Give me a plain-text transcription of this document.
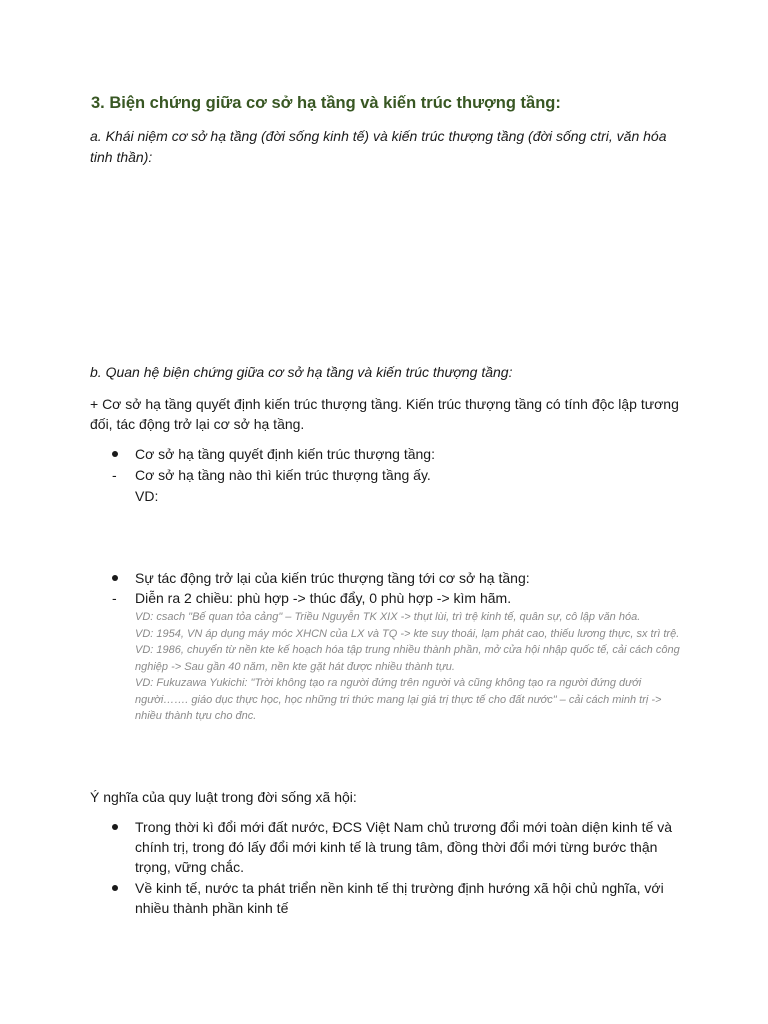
3. Biện chứng giữa cơ sở hạ tầng và kiến trúc thượng tầng:
a. Khái niệm cơ sở hạ tầng (đời sống kinh tế) và kiến trúc thượng tầng (đời sống ctri, văn hóa tinh thần):
b. Quan hệ biện chứng giữa cơ sở hạ tầng và kiến trúc thượng tầng:
+ Cơ sở hạ tầng quyết định kiến trúc thượng tầng. Kiến trúc thượng tầng có tính độc lập tương đối, tác động trở lại cơ sở hạ tầng.
Cơ sở hạ tầng quyết định kiến trúc thượng tầng:
- Cơ sở hạ tầng nào thì kiến trúc thượng tầng ấy.
VD:
Sự tác động trở lại của kiến trúc thượng tầng tới cơ sở hạ tầng:
- Diễn ra 2 chiều: phù hợp -> thúc đẩy, 0 phù hợp -> kìm hãm.

VD: csach "Bế quan tỏa cảng" – Triều Nguyễn TK XIX -> thụt lùi, trì trệ kinh tế, quân sự, cô lập văn hóa.

VD: 1954, VN áp dụng máy móc XHCN của LX và TQ -> kte suy thoái, lạm phát cao, thiếu lương thực, sx trì trệ.

VD: 1986, chuyển từ nền kte kế hoạch hóa tập trung nhiều thành phần, mở cửa hội nhập quốc tế, cải cách công nghiệp -> Sau gần 40 năm, nền kte gặt hát được nhiều thành tựu.

VD: Fukuzawa Yukichi: "Trời không tạo ra người đứng trên người và cũng không tạo ra người đứng dưới người……. giáo dục thực học, học những tri thức mang lại giá trị thực tế cho đất nước" – cải cách minh trị -> nhiều thành tựu cho đnc.

Ý nghĩa của quy luật trong đời sống xã hội:
Trong thời kì đổi mới đất nước, ĐCS Việt Nam chủ trương đổi mới toàn diện kinh tế và chính trị, trong đó lấy đổi mới kinh tế là trung tâm, đồng thời đổi mới từng bước thận trọng, vững chắc.
Về kinh tế, nước ta phát triển nền kinh tế thị trường định hướng xã hội chủ nghĩa, với nhiều thành phần kinh tế
